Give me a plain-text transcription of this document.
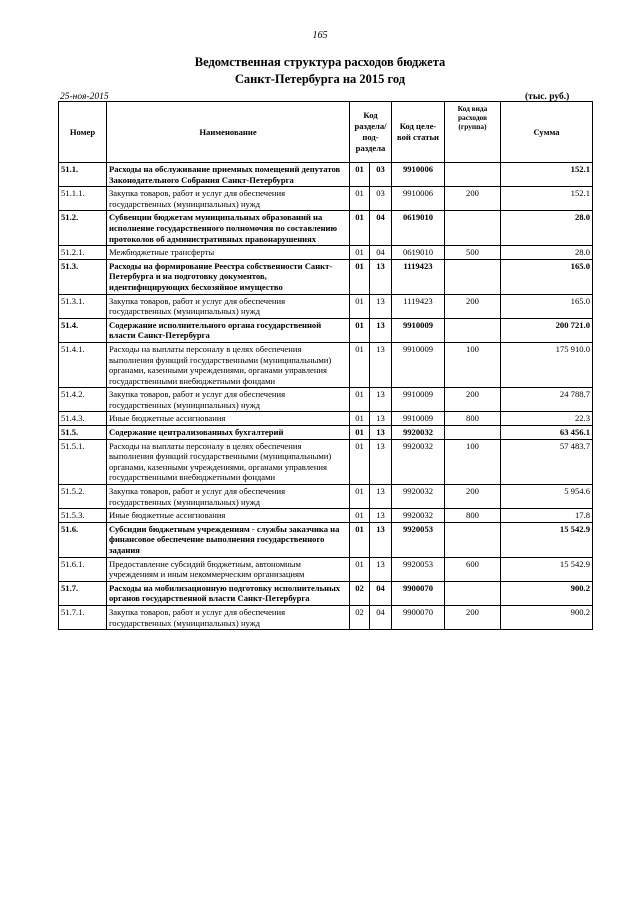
165
Ведомственная структура расходов бюджета
Санкт-Петербурга на 2015 год
25-ноя-2015	(тыс. руб.)
Номер	Наименование	Код раздела/ под-раздела		Код целе-вой статьи	Код вида расходов (группа)	Сумма
51.1.	Расходы на обслуживание приемных помещений депутатов Законодательного Собрания Санкт-Петербурга	01	03	9910006		152.1
51.1.1.	Закупка товаров, работ и услуг для обеспечения государственных (муниципальных) нужд	01	03	9910006	200	152.1
51.2.	Субвенции бюджетам муниципальных образований на исполнение государственного полномочия по составлению протоколов об административных правонарушениях	01	04	0619010		28.0
51.2.1.	Межбюджетные трансферты	01	04	0619010	500	28.0
51.3.	Расходы на формирование Реестра собственности Санкт-Петербурга и на подготовку документов, идентифицирующих бесхозяйное имущество	01	13	1119423		165.0
51.3.1.	Закупка товаров, работ и услуг для обеспечения государственных (муниципальных) нужд	01	13	1119423	200	165.0
51.4.	Содержание исполнительного органа государственной власти Санкт-Петербурга	01	13	9910009		200 721.0
51.4.1.	Расходы на выплаты персоналу в целях обеспечения выполнения функций государственными (муниципальными) органами, казенными учреждениями, органами управления государственными внебюджетными фондами	01	13	9910009	100	175 910.0
51.4.2.	Закупка товаров, работ и услуг для обеспечения государственных (муниципальных) нужд	01	13	9910009	200	24 788.7
51.4.3.	Иные бюджетные ассигнования	01	13	9910009	800	22.3
51.5.	Содержание централизованных бухгалтерий	01	13	9920032		63 456.1
51.5.1.	Расходы на выплаты персоналу в целях обеспечения выполнения функций государственными (муниципальными) органами, казенными учреждениями, органами управления государственными внебюджетными фондами	01	13	9920032	100	57 483.7
51.5.2.	Закупка товаров, работ и услуг для обеспечения государственных (муниципальных) нужд	01	13	9920032	200	5 954.6
51.5.3.	Иные бюджетные ассигнования	01	13	9920032	800	17.8
51.6.	Субсидии бюджетным учреждениям - службы заказчика на финансовое обеспечение выполнения государственного задания	01	13	9920053		15 542.9
51.6.1.	Предоставление субсидий бюджетным, автономным учреждениям и иным некоммерческим организациям	01	13	9920053	600	15 542.9
51.7.	Расходы на мобилизационную подготовку исполнительных органов государственной власти Санкт-Петербурга	02	04	9900070		900.2
51.7.1.	Закупка товаров, работ и услуг для обеспечения государственных (муниципальных) нужд	02	04	9900070	200	900.2
